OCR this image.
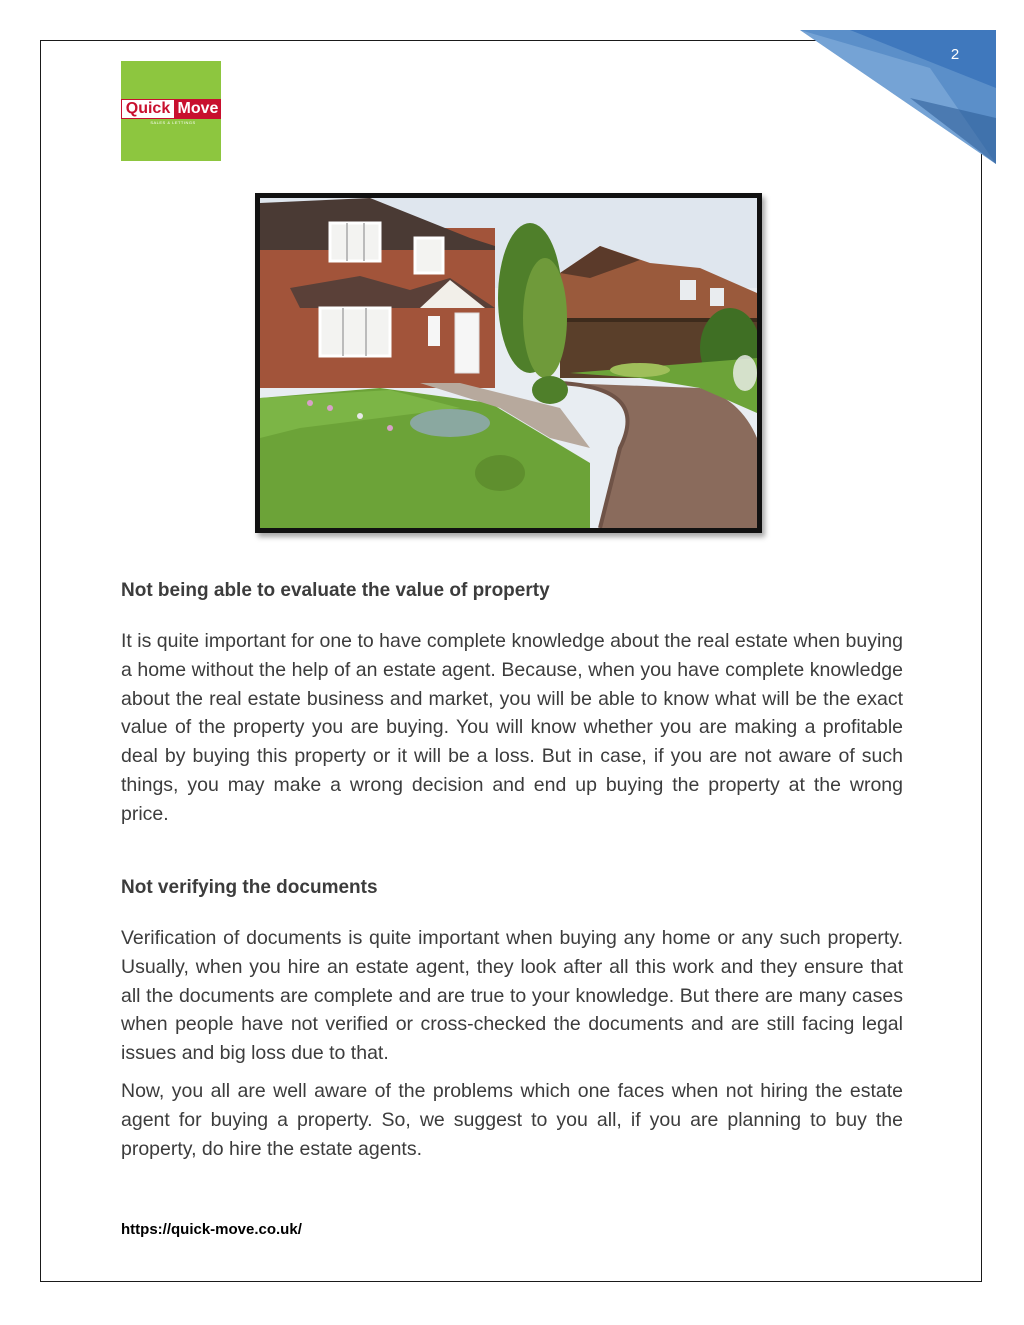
2
Quick Move
SALES & LETTINGS
Not being able to evaluate the value of property

It is quite important for one to have complete knowledge about the real estate when buying a home without the help of an estate agent. Because, when you have complete knowledge about the real estate business and market, you will be able to know what will be the exact value of the property you are buying. You will know whether you are making a profitable deal by buying this property or it will be a loss. But in case, if you are not aware of such things, you may make a wrong decision and end up buying the property at the wrong price.

Not verifying the documents

Verification of documents is quite important when buying any home or any such property. Usually, when you hire an estate agent, they look after all this work and they ensure that all the documents are complete and are true to your knowledge. But there are many cases when people have not verified or cross-checked the documents and are still facing legal issues and big loss due to that.

Now, you all are well aware of the problems which one faces when not hiring the estate agent for buying a property. So, we suggest to you all, if you are planning to buy the property, do hire the estate agents.

https://quick-move.co.uk/
